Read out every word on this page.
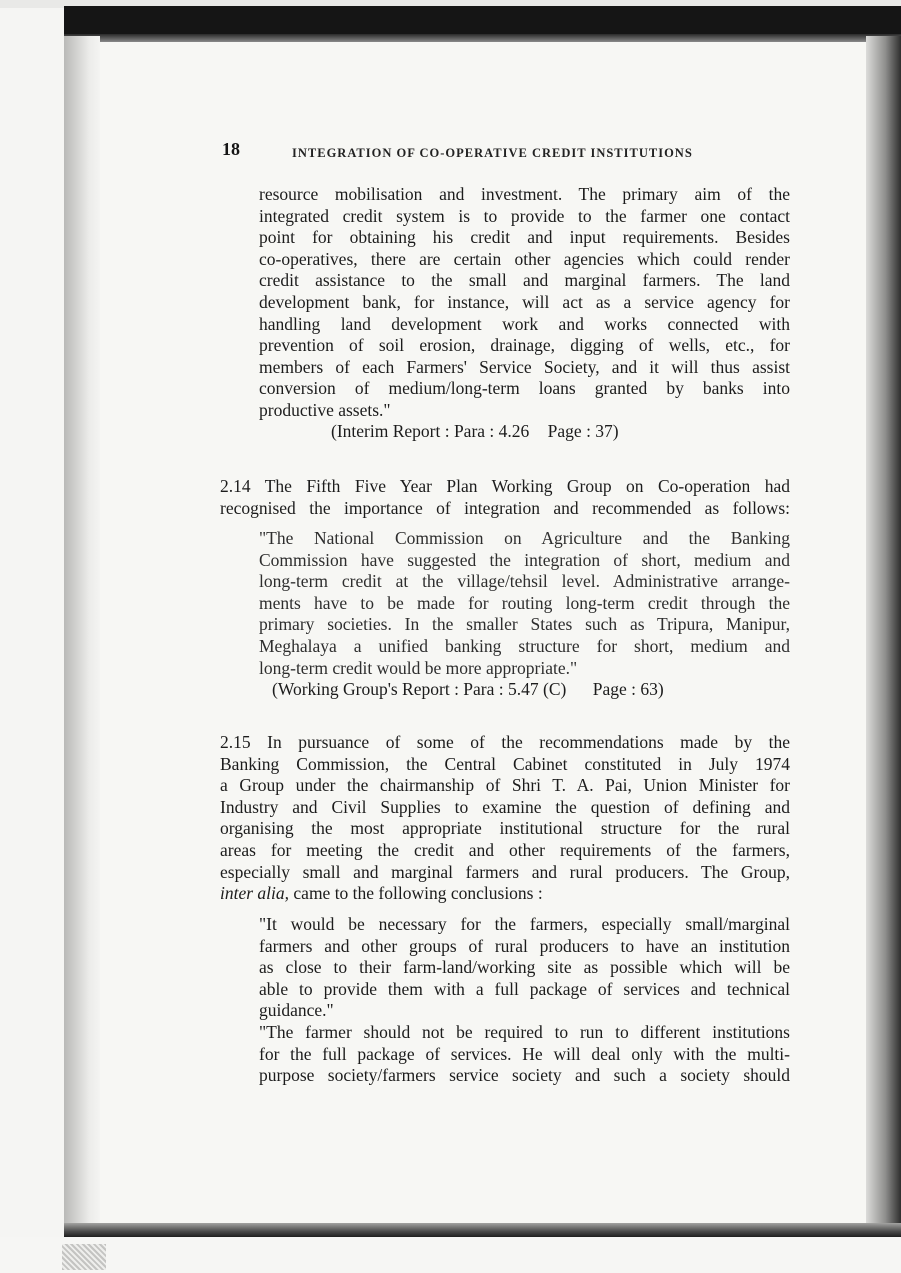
18	INTEGRATION OF CO-OPERATIVE CREDIT INSTITUTIONS
resource mobilisation and investment. The primary aim of the
integrated credit system is to provide to the farmer one contact
point for obtaining his credit and input requirements. Besides
co-operatives, there are certain other agencies which could render
credit assistance to the small and marginal farmers. The land
development bank, for instance, will act as a service agency for
handling land development work and works connected with
prevention of soil erosion, drainage, digging of wells, etc., for
members of each Farmers' Service Society, and it will thus assist
conversion of medium/long-term loans granted by banks into
productive assets."
(Interim Report : Para : 4.26 Page : 37)
2.14 The Fifth Five Year Plan Working Group on Co-operation had
recognised the importance of integration and recommended as follows:
"The National Commission on Agriculture and the Banking
Commission have suggested the integration of short, medium and
long-term credit at the village/tehsil level. Administrative arrange-
ments have to be made for routing long-term credit through the
primary societies. In the smaller States such as Tripura, Manipur,
Meghalaya a unified banking structure for short, medium and
long-term credit would be more appropriate."
(Working Group's Report : Para : 5.47 (C) Page : 63)
2.15 In pursuance of some of the recommendations made by the
Banking Commission, the Central Cabinet constituted in July 1974
a Group under the chairmanship of Shri T. A. Pai, Union Minister for
Industry and Civil Supplies to examine the question of defining and
organising the most appropriate institutional structure for the rural
areas for meeting the credit and other requirements of the farmers,
especially small and marginal farmers and rural producers. The Group,
inter alia, came to the following conclusions :
"It would be necessary for the farmers, especially small/marginal
farmers and other groups of rural producers to have an institution
as close to their farm-land/working site as possible which will be
able to provide them with a full package of services and technical
guidance."
"The farmer should not be required to run to different institutions
for the full package of services. He will deal only with the multi-
purpose society/farmers service society and such a society should
